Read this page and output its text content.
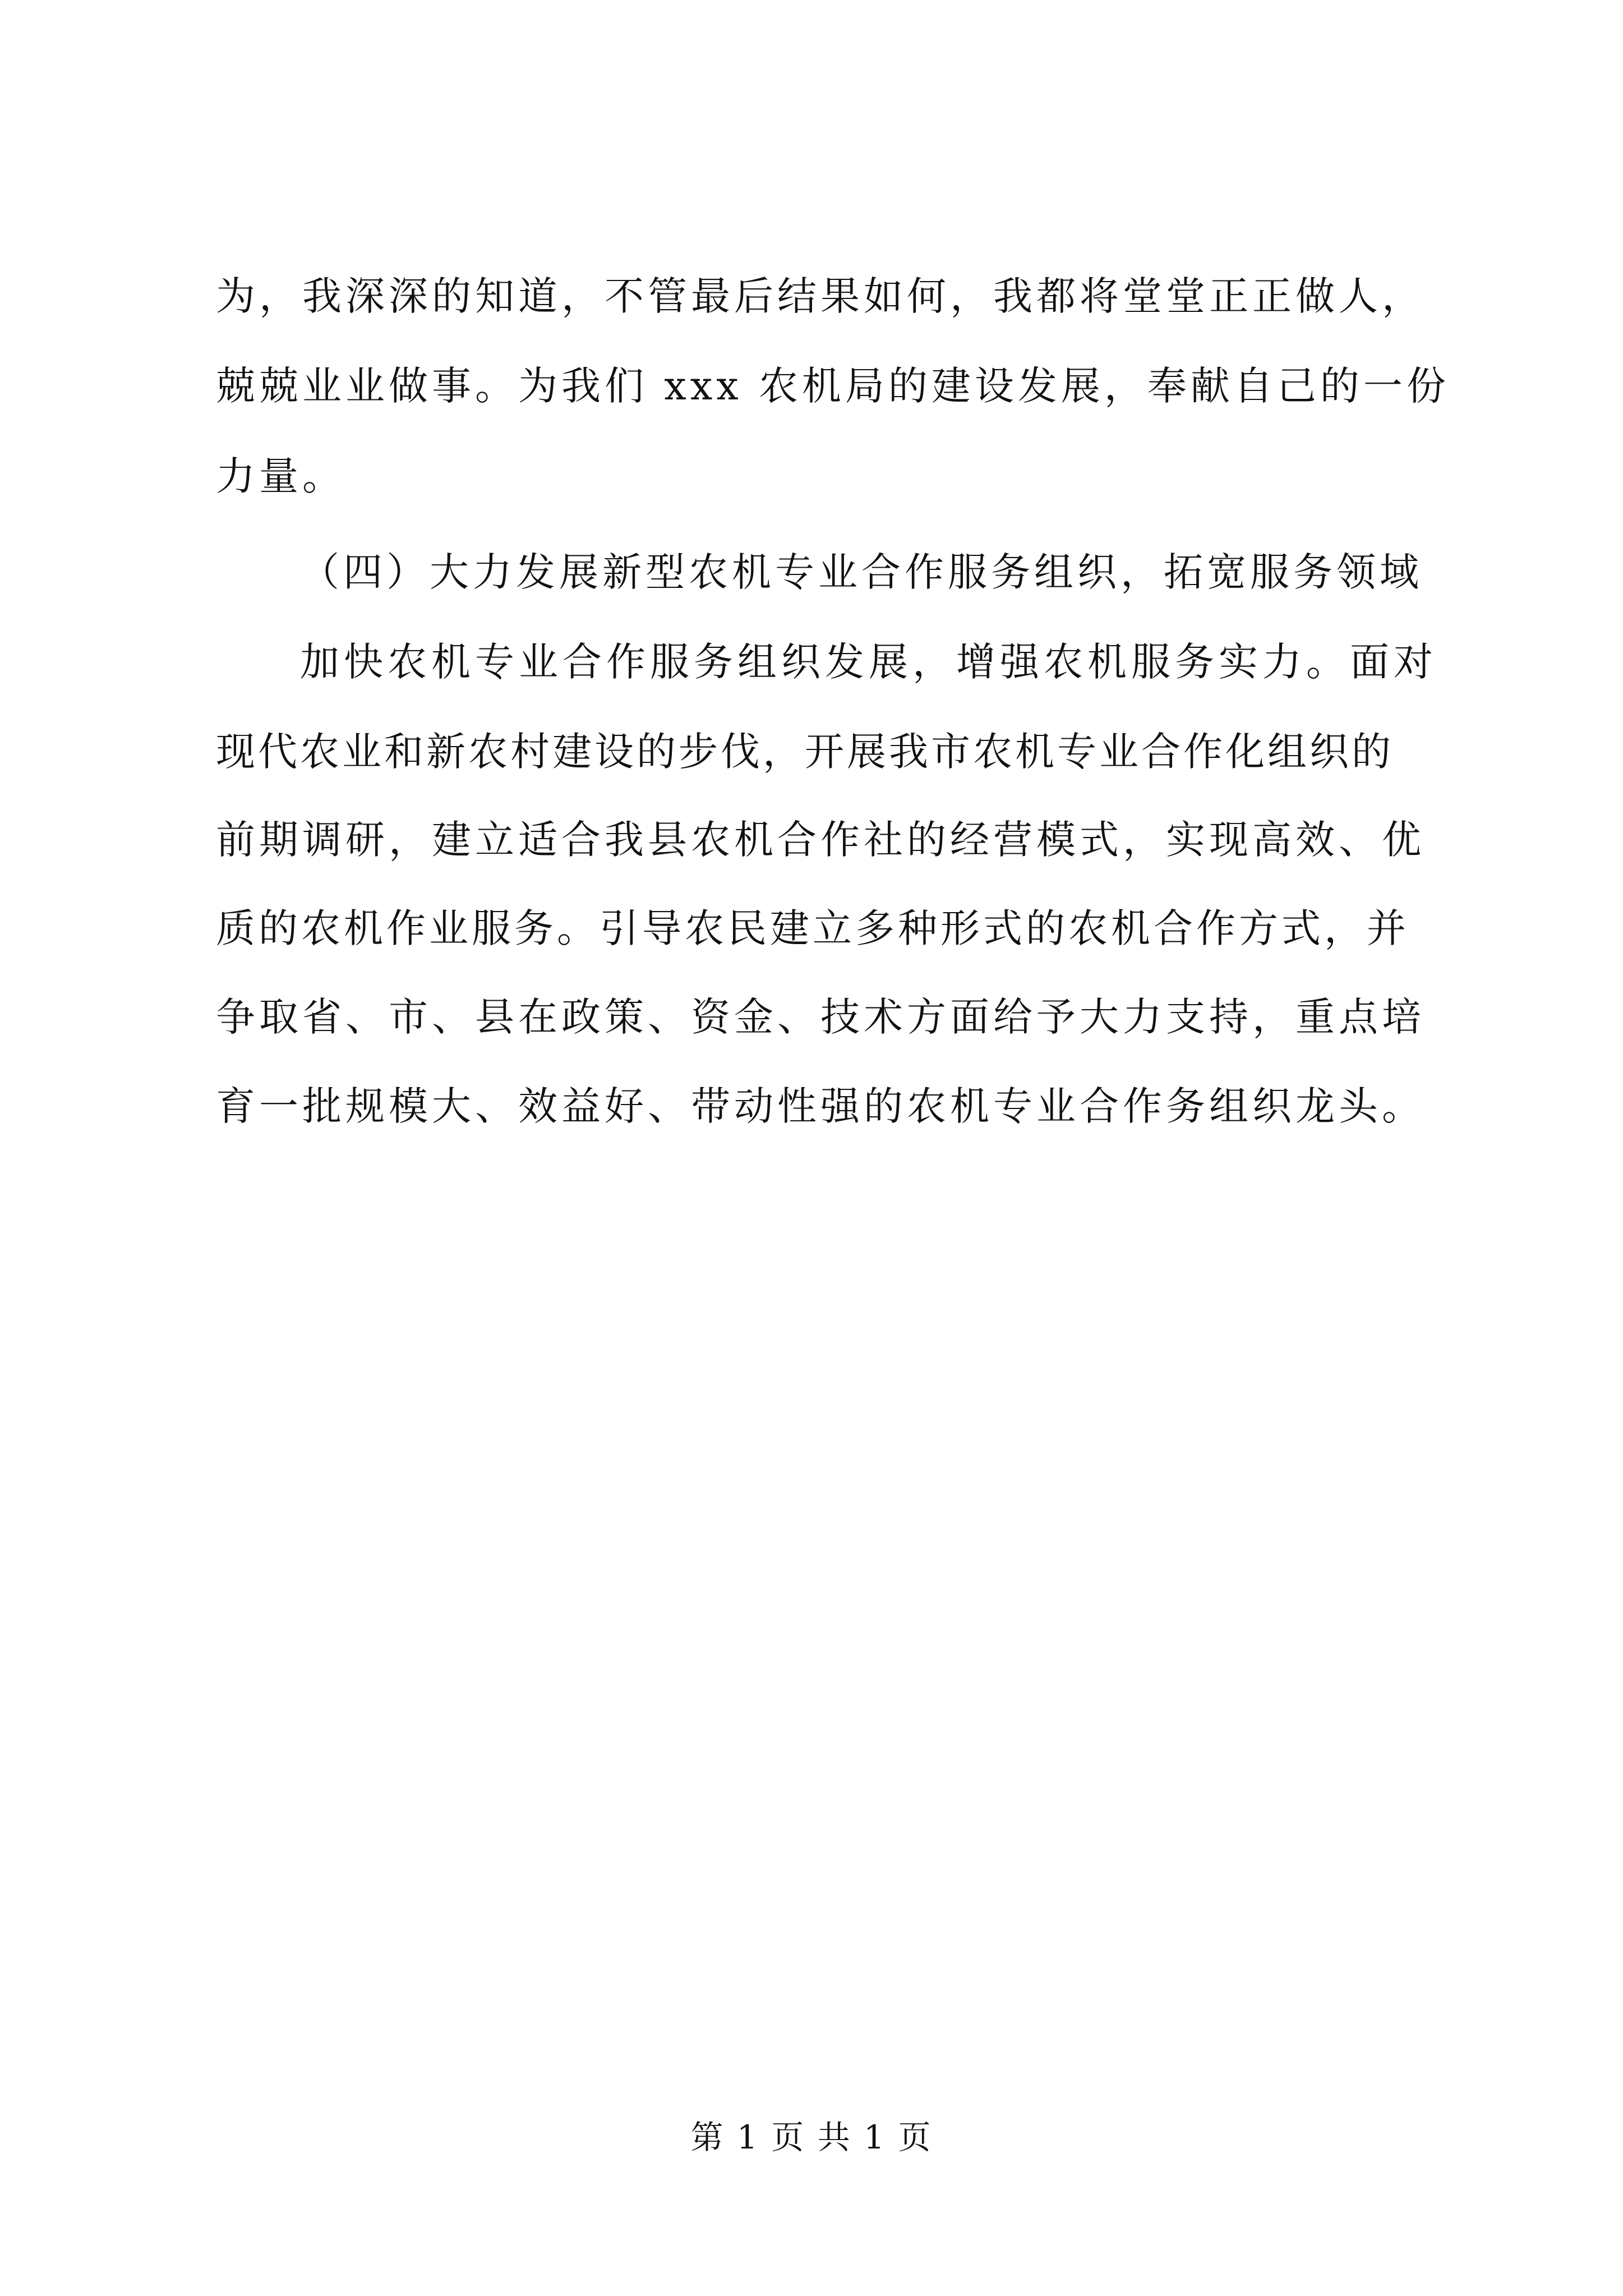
为，我深深的知道，不管最后结果如何，我都将堂堂正正做人，
兢兢业业做事。为我们 xxx 农机局的建设发展，奉献自己的一份
力量。
（四）大力发展新型农机专业合作服务组织，拓宽服务领域
加快农机专业合作服务组织发展，增强农机服务实力。面对
现代农业和新农村建设的步伐，开展我市农机专业合作化组织的
前期调研，建立适合我县农机合作社的经营模式，实现高效、优
质的农机作业服务。引导农民建立多种形式的农机合作方式，并
争取省、市、县在政策、资金、技术方面给予大力支持，重点培
育一批规模大、效益好、带动性强的农机专业合作务组织龙头。
第 1 页 共 1 页
